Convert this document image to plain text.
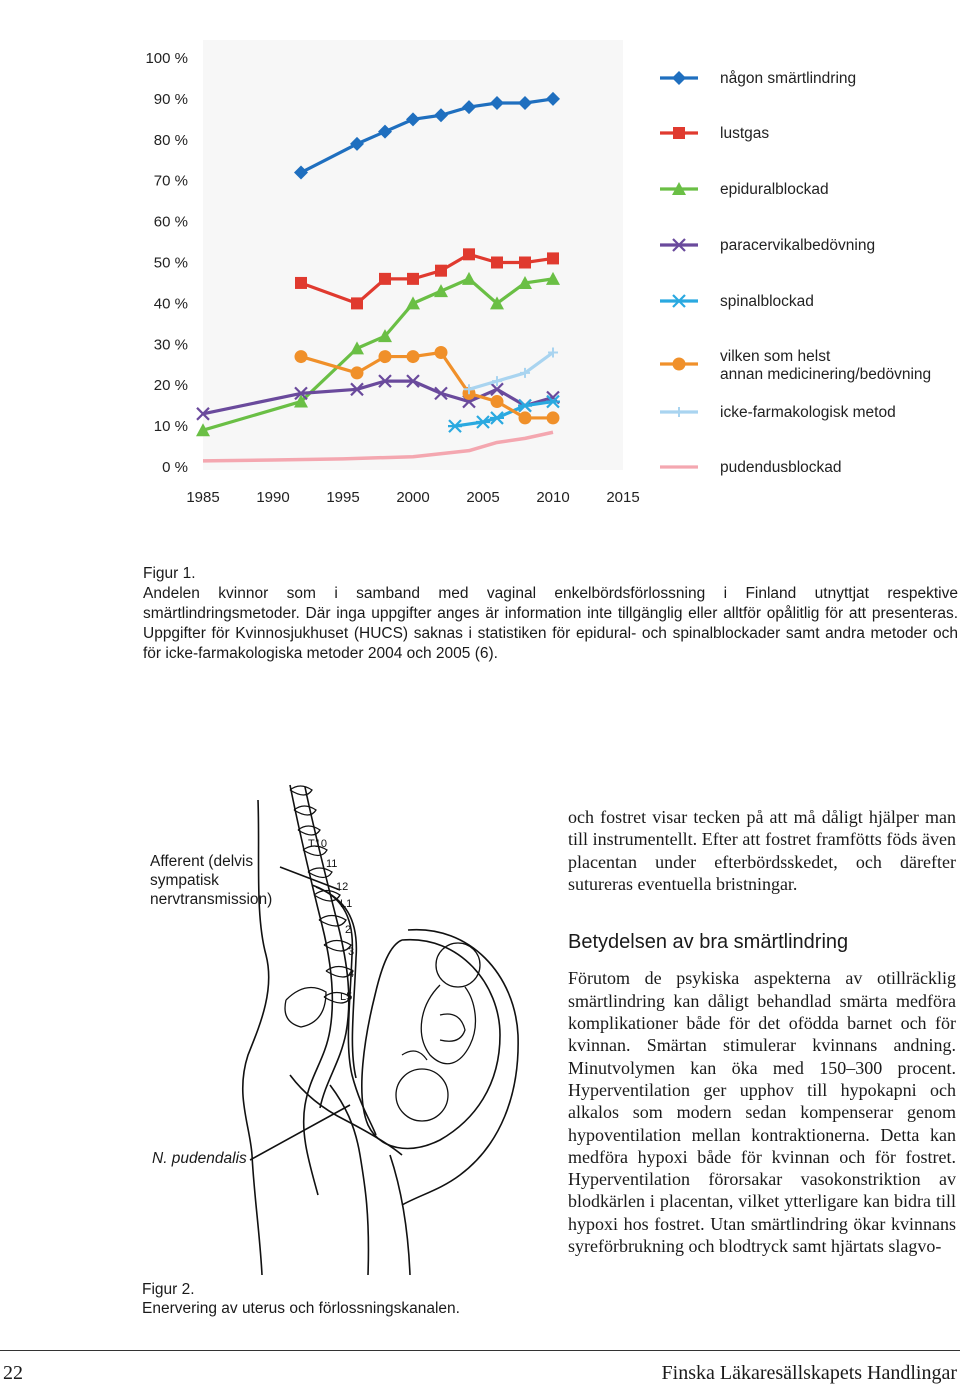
100 %
90 %
80 %
70 %
60 %
50 %
40 %
30 %
20 %
10 %
0 %
1985 1990 1995 2000 2005 2010 2015
någon smärtlindring
lustgas
epiduralblockad
paracervikalbedövning
spinalblockad
vilken som helst
annan medicinering/bedövning
icke-farmakologisk metod
pudendusblockad
Figur 1.

Andelen kvinnor som i samband med vaginal enkelbördsförlossning i Finland utnyttjat respektive smärtlindringsmetoder. Där inga uppgifter anges är information inte tillgänglig eller alltför opålitlig för att presenteras. Uppgifter för Kvinnosjukhuset (HUCS) saknas i statistiken för epidural- och spinalblockader samt andra metoder och för icke-farmakologiska metoder 2004 och 2005 (6).

T10
11
12
L1
2
3
4
L5
Afferent (delvis sympatisk nervtransmission)
N. pudendalis
Figur 2.
Enervering av uterus och förlossningskanalen.

och fostret visar tecken på att må dåligt hjälper man till instrumentellt. Efter att fostret framfötts föds även placentan under efterbördsskedet, och därefter sutureras eventuella bristningar.

Betydelsen av bra smärtlindring

Förutom de psykiska aspekterna av otillräcklig smärtlindring kan dåligt behandlad smärta medföra komplikationer både för det ofödda barnet och för kvinnan. Smärtan stimulerar kvinnans andning. Minutvolymen kan öka med 150–300 procent. Hyperventilation ger upphov till hypokapni och alkalos som modern sedan kompenserar genom hypoventilation mellan kontraktionerna. Detta kan medföra hypoxi både för kvinnan och för fostret. Hyperventilation förorsakar vasokonstriktion av blodkärlen i placentan, vilket ytterligare kan bidra till hypoxi hos fostret. Utan smärtlindring ökar kvinnans syreförbrukning och blodtryck samt hjärtats slagvo-

22	Finska Läkaresällskapets Handlingar
